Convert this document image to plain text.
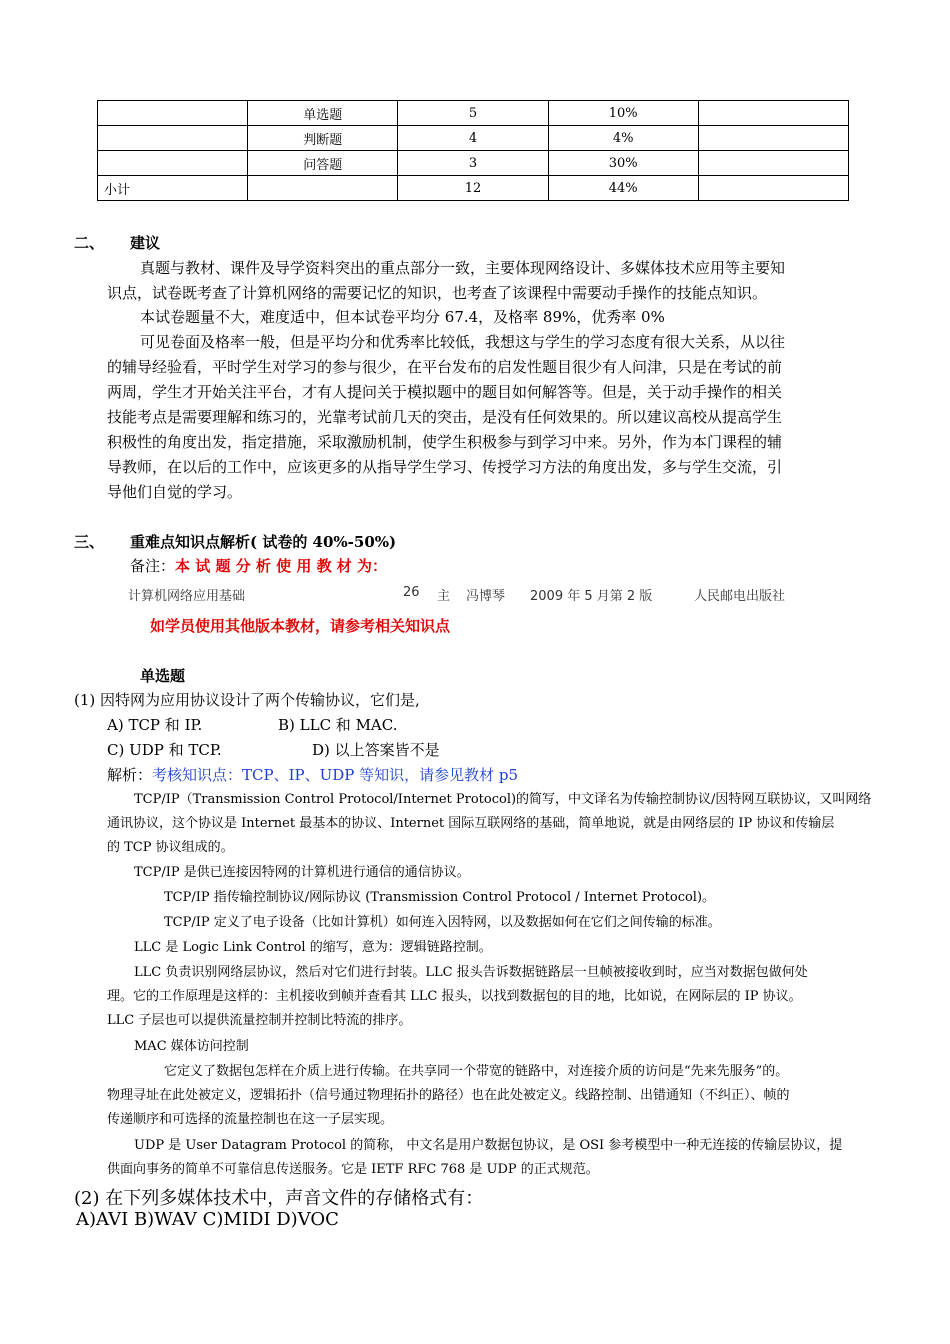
	单选题	5	10%	
	判断题	4	4%	
	问答题	3	30%	
小计		12	44%	
二、 建议
真题与教材、课件及导学资料突出的重点部分一致，主要体现网络设计、多媒体技术应用等主要知
识点，试卷既考查了计算机网络的需要记忆的知识，也考查了该课程中需要动手操作的技能点知识。
本试卷题量不大，难度适中，但本试卷平均分 67.4，及格率 89%，优秀率 0%
可见卷面及格率一般，但是平均分和优秀率比较低，我想这与学生的学习态度有很大关系，从以往
的辅导经验看，平时学生对学习的参与很少，在平台发布的启发性题目很少有人问津，只是在考试的前
两周，学生才开始关注平台，才有人提问关于模拟题中的题目如何解答等。但是，关于动手操作的相关
技能考点是需要理解和练习的，光靠考试前几天的突击，是没有任何效果的。所以建议高校从提高学生
积极性的角度出发，指定措施，采取激励机制，使学生积极参与到学习中来。另外，作为本门课程的辅
导教师，在以后的工作中，应该更多的从指导学生学习、传授学习方法的角度出发，多与学生交流，引
导他们自觉的学习。
三、 重难点知识点解析( 试卷的 40%-50%)
备注：本 试 题 分 析 使 用 教 材 为：
计算机网络应用基础	26 主 冯博琴 2009 年 5 月第 2 版	人民邮电出版社
如学员使用其他版本教材，请参考相关知识点
单选题
(1) 因特网为应用协议设计了两个传输协议，它们是,
A) TCP 和 IP.	B) LLC 和 MAC.
C) UDP 和 TCP.	D) 以上答案皆不是
解析：考核知识点：TCP、IP、UDP 等知识，请参见教材 p5
TCP/IP（Transmission Control Protocol/Internet Protocol)的简写，中文译名为传输控制协议/因特网互联协议，又叫网络
通讯协议，这个协议是 Internet 最基本的协议、Internet 国际互联网络的基础，简单地说，就是由网络层的 IP 协议和传输层
的 TCP 协议组成的。
TCP/IP 是供已连接因特网的计算机进行通信的通信协议。
TCP/IP 指传输控制协议/网际协议 (Transmission Control Protocol / Internet Protocol)。
TCP/IP 定义了电子设备（比如计算机）如何连入因特网，以及数据如何在它们之间传输的标准。
LLC 是 Logic Link Control 的缩写，意为：逻辑链路控制。
LLC 负责识别网络层协议，然后对它们进行封装。LLC 报头告诉数据链路层一旦帧被接收到时，应当对数据包做何处
理。它的工作原理是这样的：主机接收到帧并查看其 LLC 报头，以找到数据包的目的地，比如说，在网际层的 IP 协议。
LLC 子层也可以提供流量控制并控制比特流的排序。
MAC 媒体访问控制
它定义了数据包怎样在介质上进行传输。在共享同一个带宽的链路中，对连接介质的访问是“先来先服务”的。
物理寻址在此处被定义，逻辑拓扑（信号通过物理拓扑的路径）也在此处被定义。线路控制、出错通知（不纠正）、帧的
传递顺序和可选择的流量控制也在这一子层实现。
UDP 是 User Datagram Protocol 的简称， 中文名是用户数据包协议，是 OSI 参考模型中一种无连接的传输层协议，提
供面向事务的简单不可靠信息传送服务。它是 IETF RFC 768 是 UDP 的正式规范。
(2) 在下列多媒体技术中，声音文件的存储格式有：
A)AVI B)WAV C)MIDI D)VOC
